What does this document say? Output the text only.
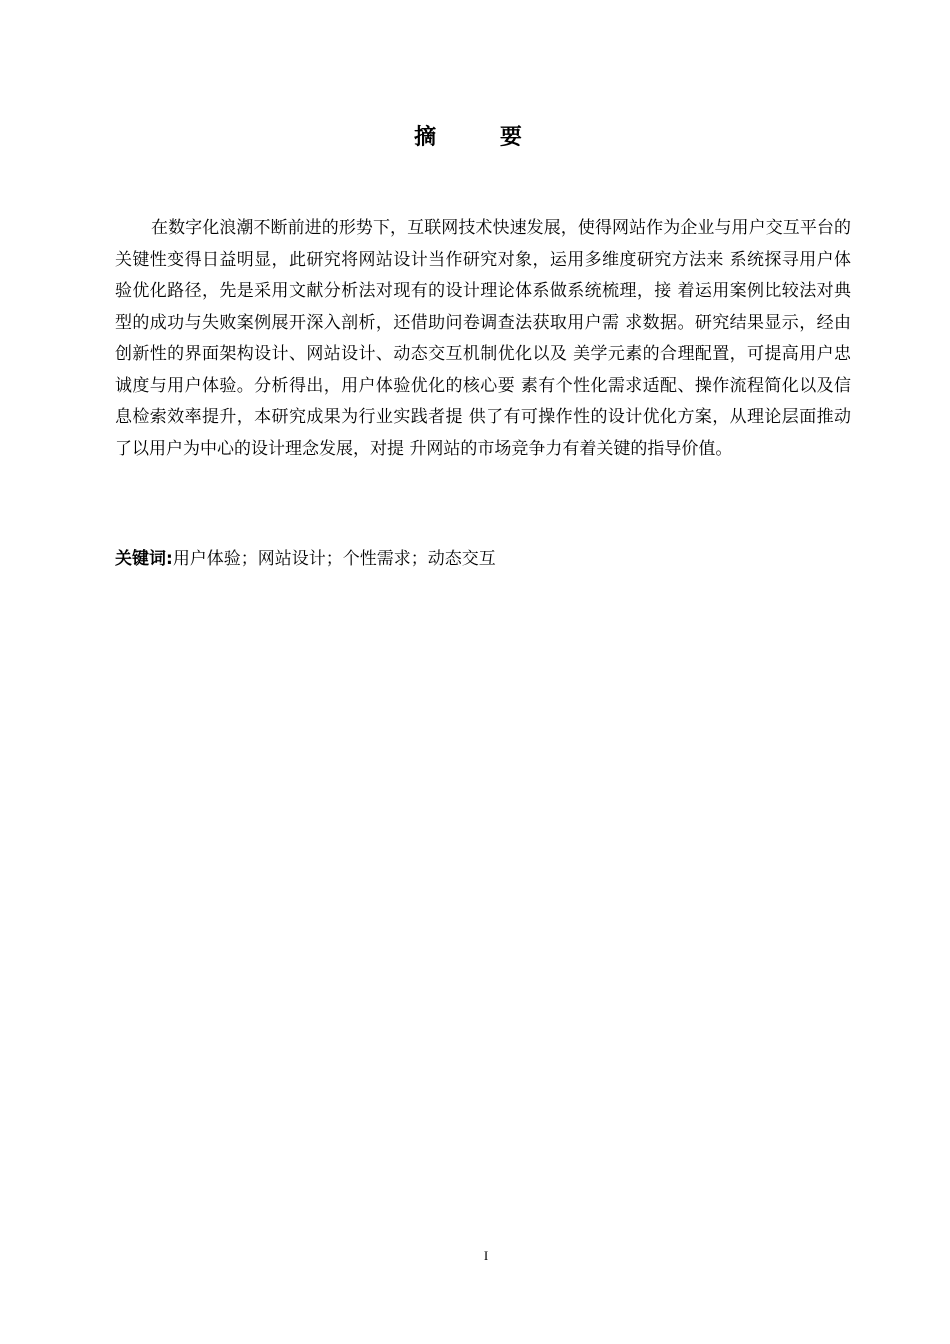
摘 要
在数字化浪潮不断前进的形势下，互联网技术快速发展，使得网站作为企业与用户交互平台的关键性变得日益明显，此研究将网站设计当作研究对象，运用多维度研究方法来 系统探寻用户体验优化路径，先是采用文献分析法对现有的设计理论体系做系统梳理，接 着运用案例比较法对典型的成功与失败案例展开深入剖析，还借助问卷调查法获取用户需 求数据。研究结果显示，经由创新性的界面架构设计、网站设计、动态交互机制优化以及 美学元素的合理配置，可提高用户忠诚度与用户体验。分析得出，用户体验优化的核心要 素有个性化需求适配、操作流程简化以及信息检索效率提升，本研究成果为行业实践者提 供了有可操作性的设计优化方案，从理论层面推动了以用户为中心的设计理念发展，对提 升网站的市场竞争力有着关键的指导价值。
关键词:用户体验；网站设计；个性需求；动态交互
I
